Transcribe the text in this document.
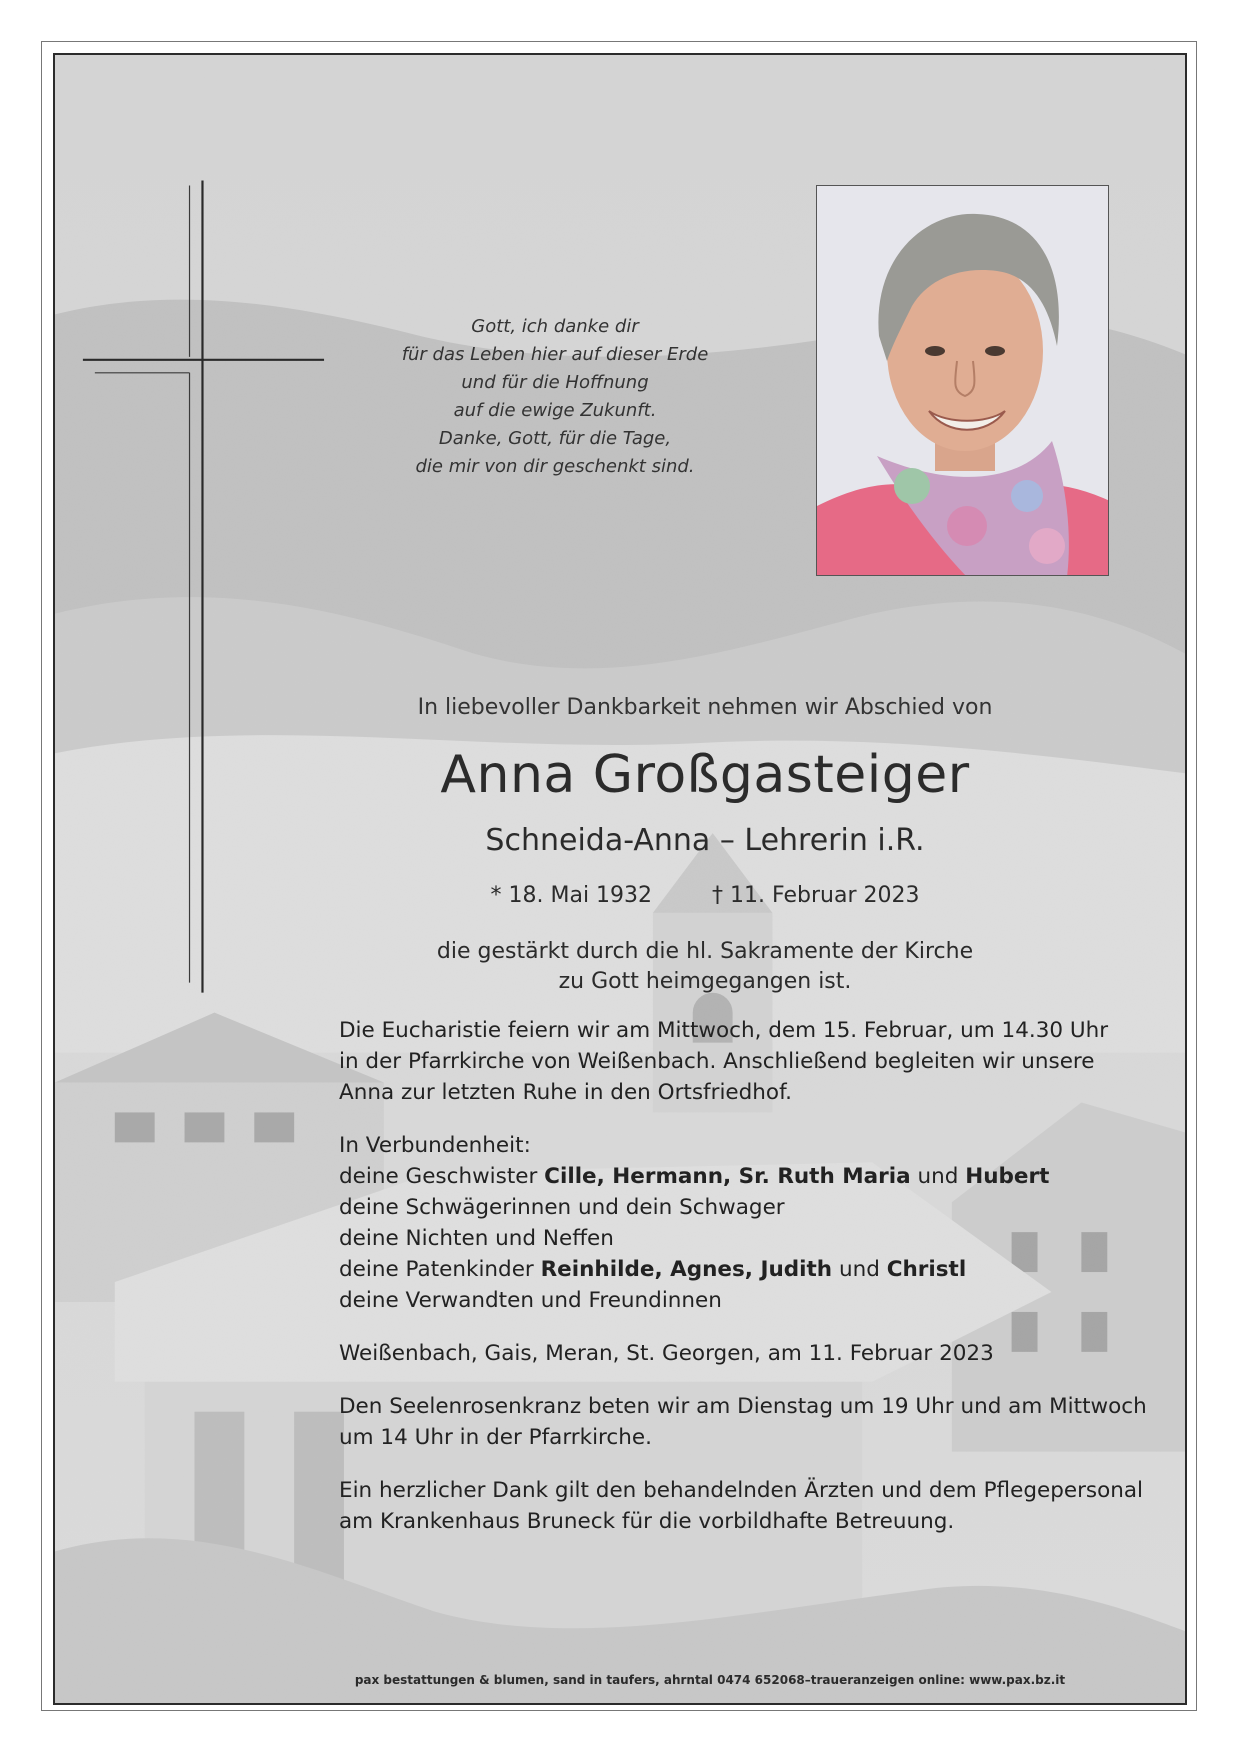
Gott, ich danke dir
für das Leben hier auf dieser Erde
und für die Hoffnung
auf die ewige Zukunft.
Danke, Gott, für die Tage,
die mir von dir geschenkt sind.
In liebevoller Dankbarkeit nehmen wir Abschied von
Anna Großgasteiger
Schneida-Anna – Lehrerin i.R.
* 18. Mai 1932	† 11. Februar 2023
die gestärkt durch die hl. Sakramente der Kirche
zu Gott heimgegangen ist.

Die Eucharistie feiern wir am Mittwoch, dem 15. Februar, um 14.30 Uhr
in der Pfarrkirche von Weißenbach. Anschließend begleiten wir unsere
Anna zur letzten Ruhe in den Ortsfriedhof.

In Verbundenheit:
deine Geschwister Cille, Hermann, Sr. Ruth Maria und Hubert
deine Schwägerinnen und dein Schwager
deine Nichten und Neffen
deine Patenkinder Reinhilde, Agnes, Judith und Christl
deine Verwandten und Freundinnen

Weißenbach, Gais, Meran, St. Georgen, am 11. Februar 2023

Den Seelenrosenkranz beten wir am Dienstag um 19 Uhr und am Mittwoch
um 14 Uhr in der Pfarrkirche.

Ein herzlicher Dank gilt den behandelnden Ärzten und dem Pflegepersonal
am Krankenhaus Bruneck für die vorbildhafte Betreuung.

pax bestattungen & blumen, sand in taufers, ahrntal 0474 652068–traueranzeigen online: www.pax.bz.it
